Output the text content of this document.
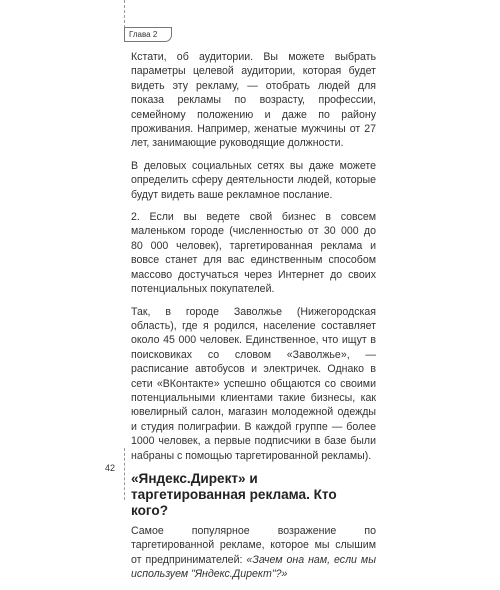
Глава 2

Кстати, об аудитории. Вы можете выбрать параметры целевой аудитории, которая будет видеть эту рекламу, — отобрать людей для показа рекламы по возрасту, профессии, семейному положению и даже по району проживания. Например, женатые мужчины от 27 лет, занимающие руководящие должности.

В деловых социальных сетях вы даже можете определить сферу деятельности людей, которые будут видеть ваше рекламное послание.

2. Если вы ведете свой бизнес в совсем маленьком городе (численностью от 30 000 до 80 000 человек), таргетированная реклама и вовсе станет для вас единственным способом массово достучаться через Интернет до своих потенциальных покупателей.

Так, в городе Заволжье (Нижегородская область), где я родился, население составляет около 45 000 человек. Единственное, что ищут в поисковиках со словом «Заволжье», — расписание автобусов и электричек. Однако в сети «ВКонтакте» успешно общаются со своими потенциальными клиентами такие бизнесы, как ювелирный салон, магазин молодежной одежды и студия полиграфии. В каждой группе — более 1000 человек, а первые подписчики в базе были набраны с помощью таргетированной рекламы).

«Яндекс.Директ» и таргетированная реклама. Кто кого?

Самое популярное возражение по таргетированной рекламе, которое мы слышим от предпринимателей: «Зачем она нам, если мы используем "Яндекс.Директ"?»

42
